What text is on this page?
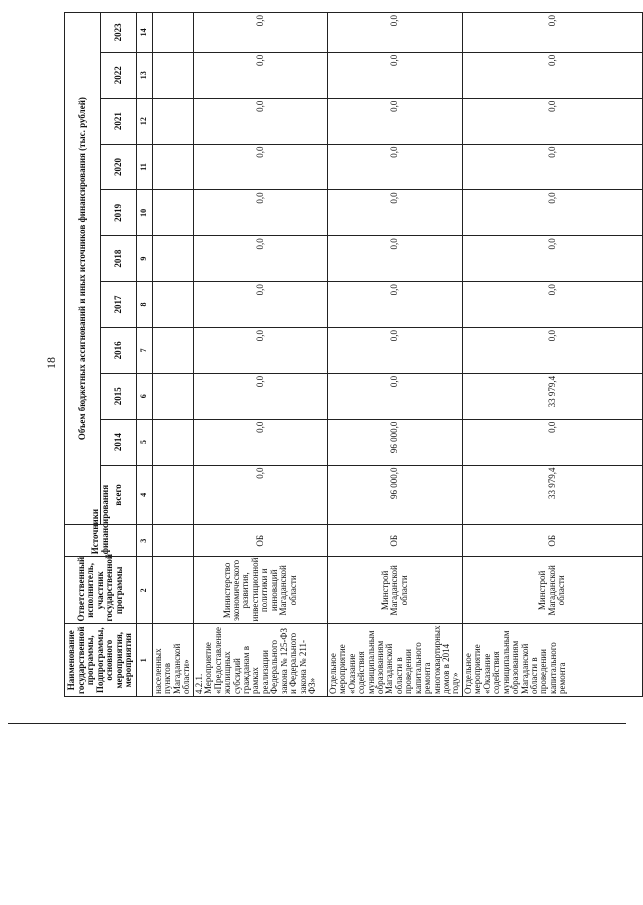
18
Наименование государственной программы, Подпрограммы, основного мероприятия, мероприятия	Ответственный исполнитель, участник государственной программы	Источники финансирования	Объем бюджетных ассигнований и иных источников финансирования (тыс. рублей)										
			всего	2014	2015	2016	2017	2018	2019	2020	2021	2022	2023
1	2	3	4	5	6	7	8	9	10	11	12	13	14
населенных пунктов Магаданской области»													
4.2.1. Мероприятие «Предоставление жилищных субсидий гражданам в рамках реализации Федерального закона № 125-ФЗ и Федерального закона № 211-ФЗ»	Министерство экономического развития, инвестиционной политики и инноваций Магаданской области	ОБ	0,0	0,0	0,0	0,0	0,0	0,0	0,0	0,0	0,0	0,0	0,0
Отдельное мероприятие «Оказание содействия муниципальным образованиям Магаданской области в проведении капитального ремонта многоквартирных домов в 2014 году»	Минстрой Магаданской области	ОБ	96 000,0	96 000,0	0,0	0,0	0,0	0,0	0,0	0,0	0,0	0,0	0,0
Отдельное мероприятие «Оказание содействия муниципальным образованиям Магаданской области в проведении капитального ремонта	Минстрой Магаданской области	ОБ	33 979,4	0,0	33 979,4	0,0	0,0	0,0	0,0	0,0	0,0	0,0	0,0
